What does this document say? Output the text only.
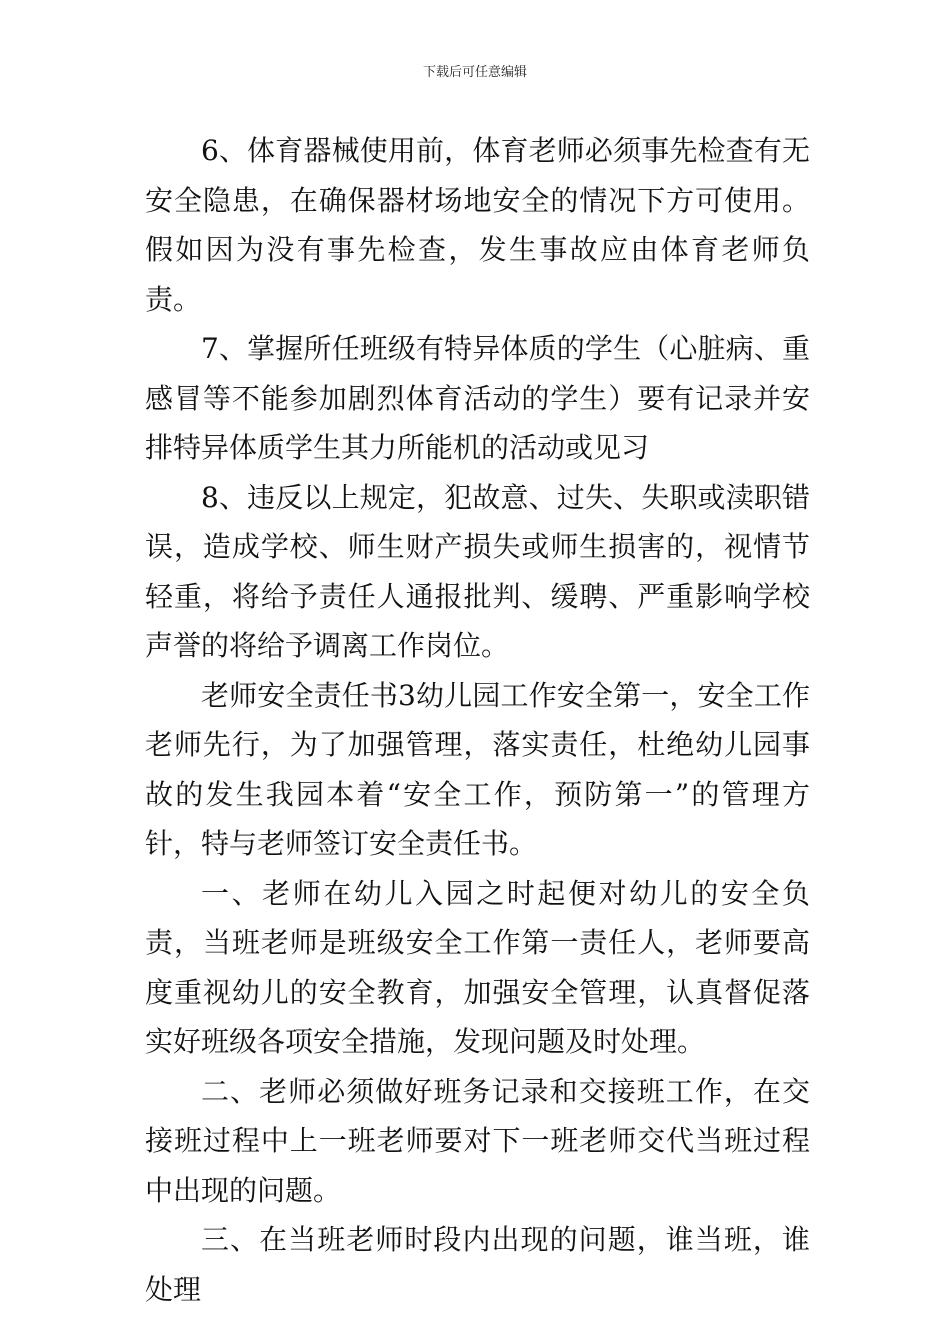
下载后可任意编辑

6、体育器械使用前，体育老师必须事先检查有无安全隐患，在确保器材场地安全的情况下方可使用。假如因为没有事先检查，发生事故应由体育老师负责。

7、掌握所任班级有特异体质的学生（心脏病、重感冒等不能参加剧烈体育活动的学生）要有记录并安排特异体质学生其力所能机的活动或见习

8、违反以上规定，犯故意、过失、失职或渎职错误，造成学校、师生财产损失或师生损害的，视情节轻重，将给予责任人通报批判、缓聘、严重影响学校声誉的将给予调离工作岗位。

老师安全责任书3幼儿园工作安全第一，安全工作老师先行，为了加强管理，落实责任，杜绝幼儿园事故的发生我园本着“安全工作，预防第一”的管理方针，特与老师签订安全责任书。

一、老师在幼儿入园之时起便对幼儿的安全负责，当班老师是班级安全工作第一责任人，老师要高度重视幼儿的安全教育，加强安全管理，认真督促落实好班级各项安全措施，发现问题及时处理。

二、老师必须做好班务记录和交接班工作，在交接班过程中上一班老师要对下一班老师交代当班过程中出现的问题。

三、在当班老师时段内出现的问题，谁当班，谁处理
